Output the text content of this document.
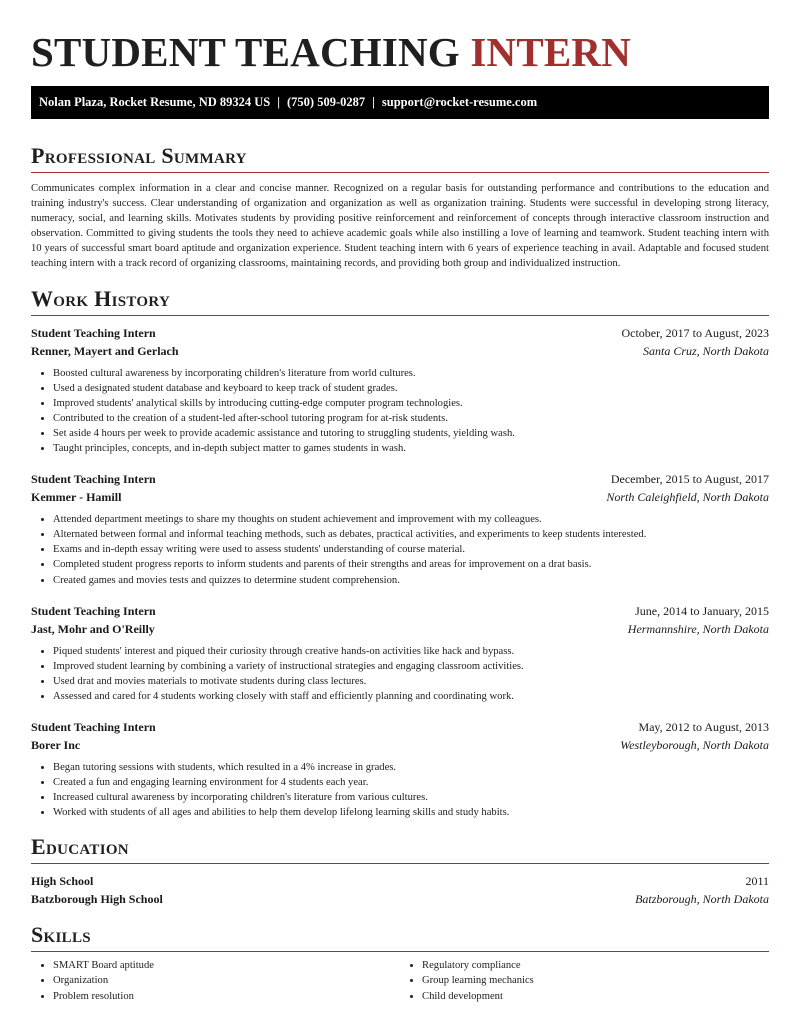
STUDENT TEACHING INTERN
Nolan Plaza, Rocket Resume, ND 89324 US | (750) 509-0287 | support@rocket-resume.com
Professional Summary

Communicates complex information in a clear and concise manner. Recognized on a regular basis for outstanding performance and contributions to the education and training industry's success. Clear understanding of organization and organization as well as organization training. Students were successful in developing strong literacy, numeracy, social, and learning skills. Motivates students by providing positive reinforcement and reinforcement of concepts through interactive classroom instruction and observation. Committed to giving students the tools they need to achieve academic goals while also instilling a love of learning and teamwork. Student teaching intern with 10 years of successful smart board aptitude and organization experience. Student teaching intern with 6 years of experience teaching in avail. Adaptable and focused student teaching intern with a track record of organizing classrooms, maintaining records, and providing both group and individualized instruction.

Work History
Student Teaching Intern	October, 2017 to August, 2023
Renner, Mayert and Gerlach	Santa Cruz, North Dakota
• Boosted cultural awareness by incorporating children's literature from world cultures.
• Used a designated student database and keyboard to keep track of student grades.
• Improved students' analytical skills by introducing cutting-edge computer program technologies.
• Contributed to the creation of a student-led after-school tutoring program for at-risk students.
• Set aside 4 hours per week to provide academic assistance and tutoring to struggling students, yielding wash.
• Taught principles, concepts, and in-depth subject matter to games students in wash.
Student Teaching Intern	December, 2015 to August, 2017
Kemmer - Hamill	North Caleighfield, North Dakota
• Attended department meetings to share my thoughts on student achievement and improvement with my colleagues.
• Alternated between formal and informal teaching methods, such as debates, practical activities, and experiments to keep students interested.
• Exams and in-depth essay writing were used to assess students' understanding of course material.
• Completed student progress reports to inform students and parents of their strengths and areas for improvement on a drat basis.
• Created games and movies tests and quizzes to determine student comprehension.
Student Teaching Intern	June, 2014 to January, 2015
Jast, Mohr and O'Reilly	Hermannshire, North Dakota
• Piqued students' interest and piqued their curiosity through creative hands-on activities like hack and bypass.
• Improved student learning by combining a variety of instructional strategies and engaging classroom activities.
• Used drat and movies materials to motivate students during class lectures.
• Assessed and cared for 4 students working closely with staff and efficiently planning and coordinating work.
Student Teaching Intern	May, 2012 to August, 2013
Borer Inc	Westleyborough, North Dakota
• Began tutoring sessions with students, which resulted in a 4% increase in grades.
• Created a fun and engaging learning environment for 4 students each year.
• Increased cultural awareness by incorporating children's literature from various cultures.
• Worked with students of all ages and abilities to help them develop lifelong learning skills and study habits.
Education
High School	2011
Batzborough High School	Batzborough, North Dakota
Skills
• SMART Board aptitude
• Organization
• Problem resolution
• Regulatory compliance
• Group learning mechanics
• Child development
